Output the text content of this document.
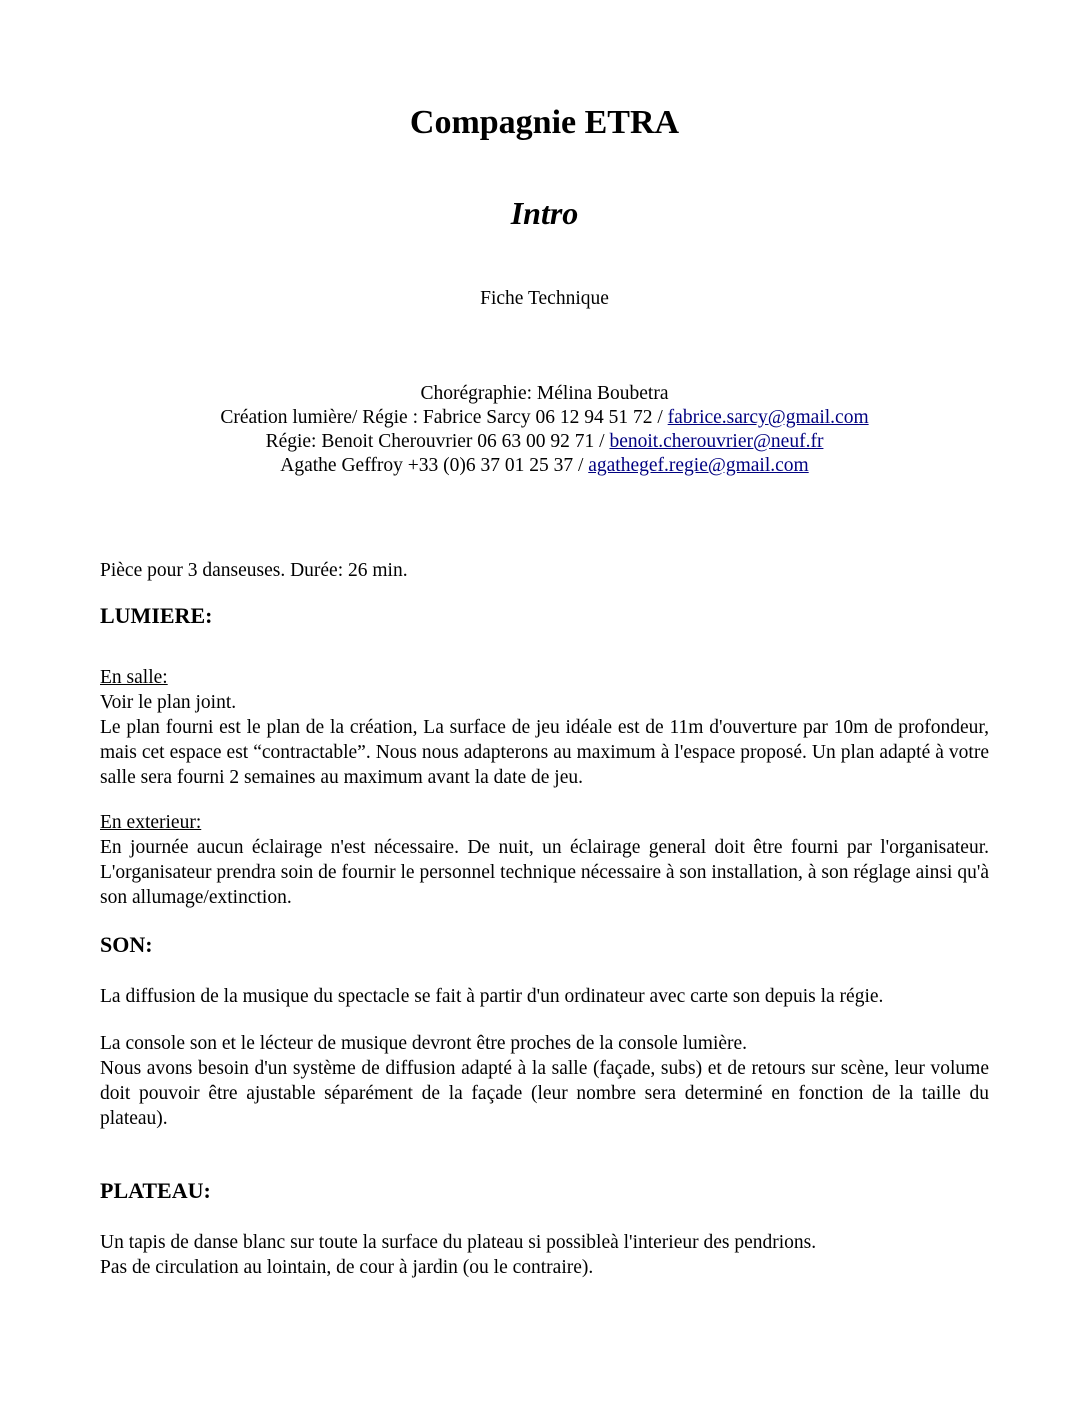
Compagnie ETRA
Intro
Fiche Technique
Chorégraphie: Mélina Boubetra
Création lumière/ Régie : Fabrice Sarcy 06 12 94 51 72 / fabrice.sarcy@gmail.com
Régie: Benoit Cherouvrier 06 63 00 92 71 / benoit.cherouvrier@neuf.fr
Agathe Geffroy +33 (0)6 37 01 25 37 / agathegef.regie@gmail.com

Pièce pour 3 danseuses. Durée: 26 min.

LUMIERE:
En salle:
Voir le plan joint.
Le plan fourni est le plan de la création, La surface de jeu idéale est de 11m d'ouverture par 10m de profondeur, mais cet espace est “contractable”. Nous nous adapterons au maximum à l'espace proposé. Un plan adapté à votre salle sera fourni 2 semaines au maximum avant la date de jeu.
En exterieur:
En journée aucun éclairage n'est nécessaire. De nuit, un éclairage general doit être fourni par l'organisateur. L'organisateur prendra soin de fournir le personnel technique nécessaire à son installation, à son réglage ainsi qu'à son allumage/extinction.
SON:

La diffusion de la musique du spectacle se fait à partir d'un ordinateur avec carte son depuis la régie.

La console son et le lécteur de musique devront être proches de la console lumière.
Nous avons besoin d'un système de diffusion adapté à la salle (façade, subs) et de retours sur scène, leur volume doit pouvoir être ajustable séparément de la façade (leur nombre sera determiné en fonction de la taille du plateau).
PLATEAU:
Un tapis de danse blanc sur toute la surface du plateau si possibleà l'interieur des pendrions.
Pas de circulation au lointain, de cour à jardin (ou le contraire).
